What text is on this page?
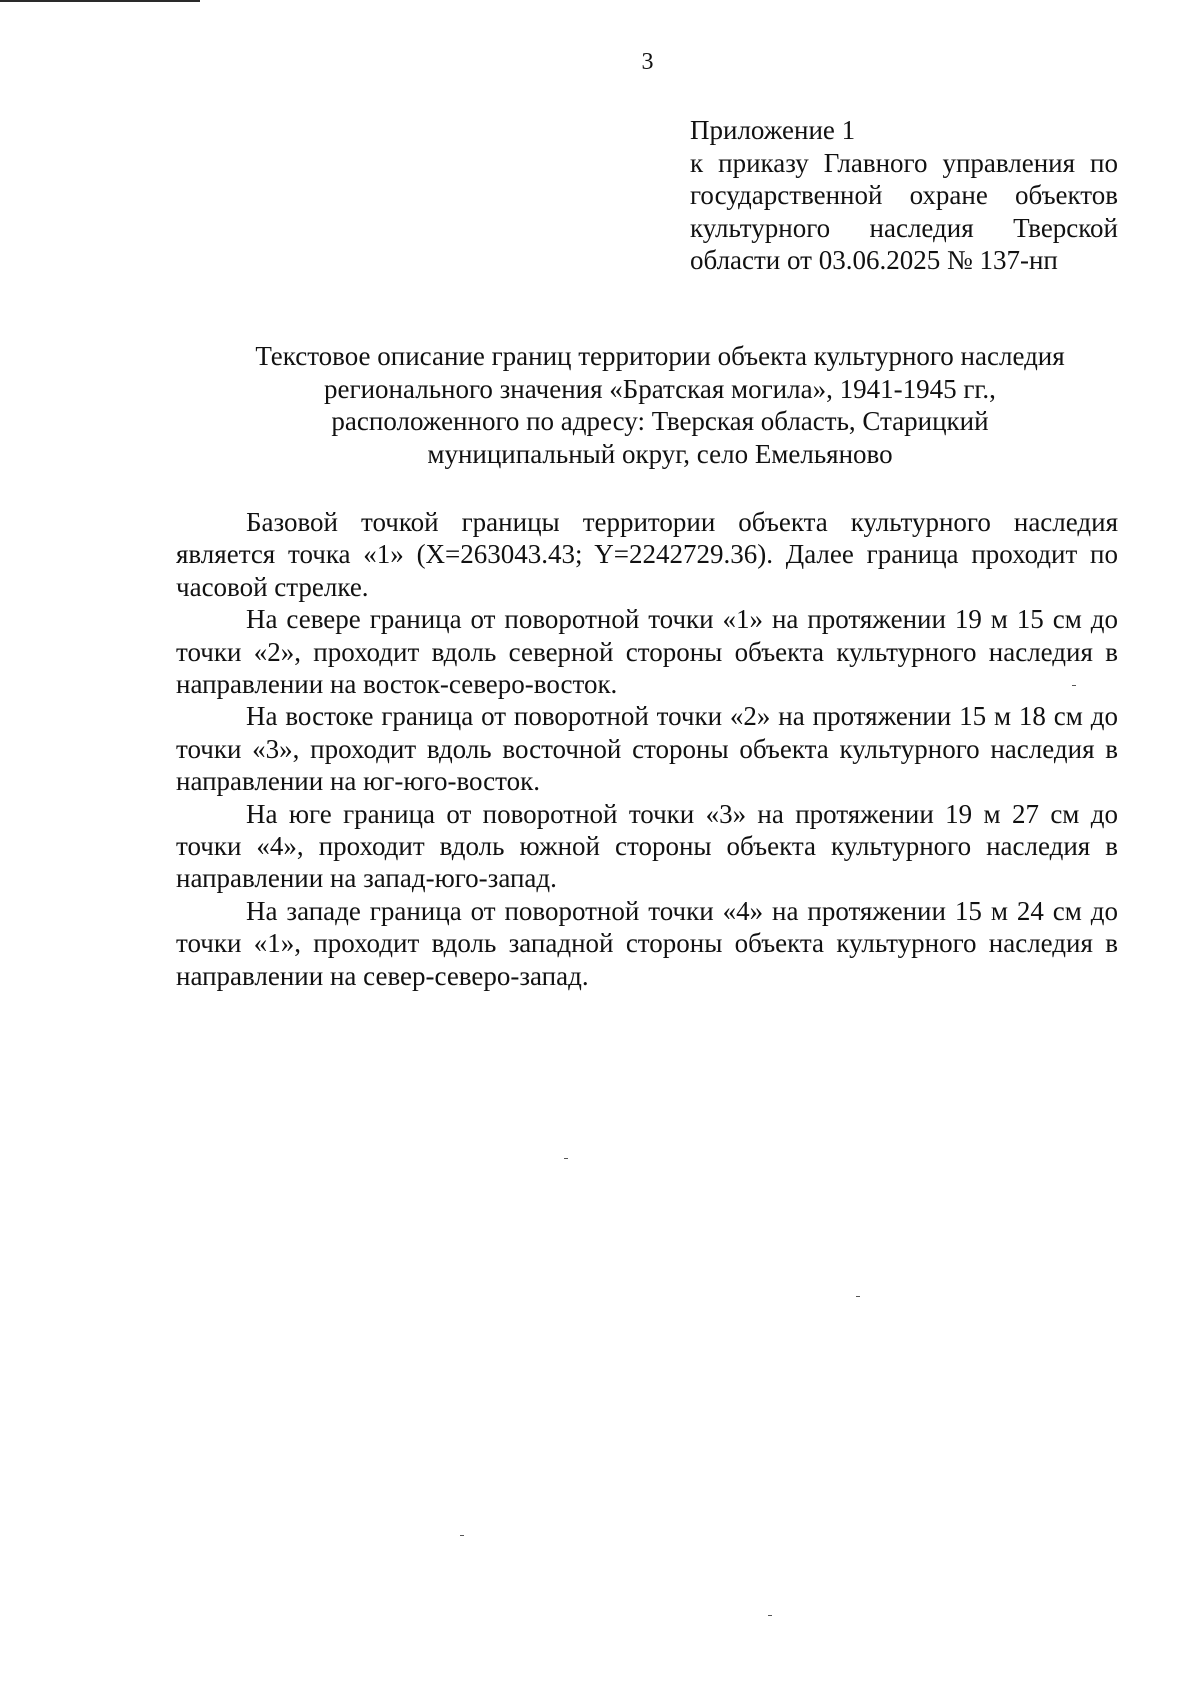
3
Приложение 1
к приказу Главного управления по
государственной охране объектов
культурного наследия Тверской
области от 03.06.2025 № 137-нп
Текстовое описание границ территории объекта культурного наследия
регионального значения «Братская могила», 1941-1945 гг.,
расположенного по адресу: Тверская область, Старицкий
муниципальный округ, село Емельяново

Базовой точкой границы территории объекта культурного наследия является точка «1» (X=263043.43; Y=2242729.36). Далее граница проходит по часовой стрелке.

На севере граница от поворотной точки «1» на протяжении 19 м 15 см до точки «2», проходит вдоль северной стороны объекта культурного наследия в направлении на восток-северо-восток.

На востоке граница от поворотной точки «2» на протяжении 15 м 18 см до точки «3», проходит вдоль восточной стороны объекта культурного наследия в направлении на юг-юго-восток.

На юге граница от поворотной точки «3» на протяжении 19 м 27 см до точки «4», проходит вдоль южной стороны объекта культурного наследия в направлении на запад-юго-запад.

На западе граница от поворотной точки «4» на протяжении 15 м 24 см до точки «1», проходит вдоль западной стороны объекта культурного наследия в направлении на север-северо-запад.
